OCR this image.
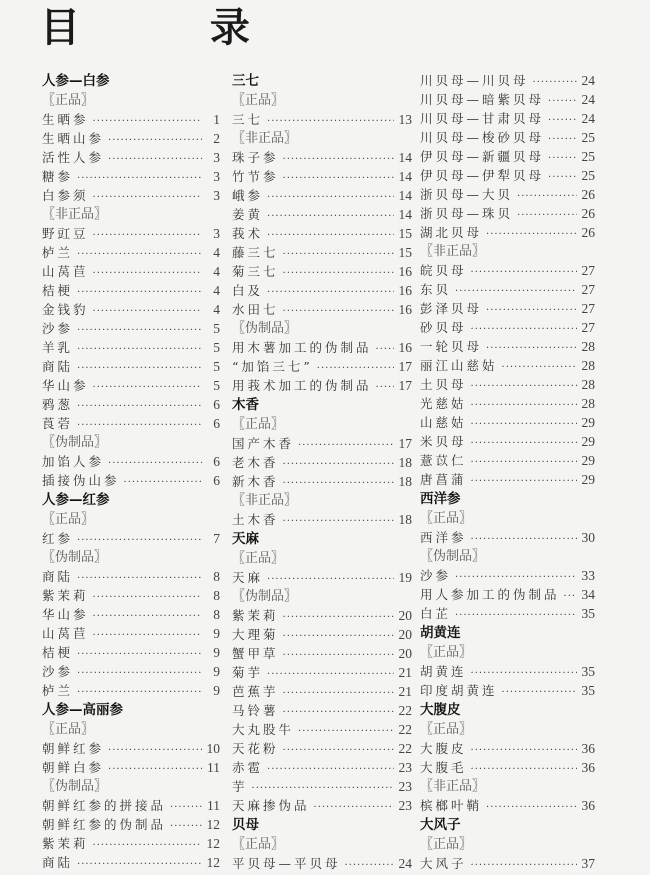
目 录
人参—白参
〖正品〗
生晒参 ·····	1
生晒山参 ·····	2
活性人参 ·····	3
糖参 ·····	3
白参须 ·····	3
〖非正品〗
野豇豆 ·····	3
栌兰 ·····	4
山莴苣 ·····	4
桔梗 ·····	4
金钱豹 ·····	4
沙参 ·····	5
羊乳 ·····	5
商陆 ·····	5
华山参 ·····	5
鸦葱 ·····	6
莨菪 ·····	6
〖伪制品〗
加馅人参 ·····	6
插接伪山参 ·····	6
人参—红参
〖正品〗
红参 ·····	7
〖伪制品〗
商陆 ·····	8
紫茉莉 ·····	8
华山参 ·····	8
山莴苣 ·····	9
桔梗 ·····	9
沙参 ·····	9
栌兰 ·····	9
人参—高丽参
〖正品〗
朝鲜红参 ·····	10
朝鲜白参 ·····	11
〖伪制品〗
朝鲜红参的拼接品 ·····	11
朝鲜红参的伪制品 ·····	12
紫茉莉 ·····	12
商陆 ·····	12
三七
〖正品〗
三七 ·····	13
〖非正品〗
珠子参 ·····	14
竹节参 ·····	14
峨参 ·····	14
姜黄 ·····	14
莪术 ·····	15
藤三七 ·····	15
菊三七 ·····	16
白及 ·····	16
水田七 ·····	16
〖伪制品〗
用木薯加工的伪制品 ····· 16
“加馅三七” ·····	17
用莪术加工的伪制品 ····· 17
木香
〖正品〗
国产木香 ·····	17
老木香 ·····	18
新木香 ·····	18
〖非正品〗
土木香 ·····	18
天麻
〖正品〗
天麻 ·····	19
〖伪制品〗
紫茉莉 ·····	20
大理菊 ·····	20
蟹甲草 ·····	20
菊芋 ·····	21
芭蕉芋 ·····	21
马铃薯 ·····	22
大丸股牛 ·····	22
天花粉 ·····	22
赤雹 ·····	23
芋 ·····	23
天麻掺伪品 ·····	23
贝母
〖正品〗
平贝母—平贝母 ·····	24
川贝母—川贝母 ·····	24
川贝母—暗紫贝母 ·····	24
川贝母—甘肃贝母 ·····	24
川贝母—梭砂贝母 ·····	25
伊贝母—新疆贝母 ·····	25
伊贝母—伊犁贝母 ·····	25
浙贝母—大贝 ·····	26
浙贝母—珠贝 ·····	26
湖北贝母 ·····	26
〖非正品〗
皖贝母 ·····	27
东贝 ·····	27
彭泽贝母 ·····	27
砂贝母 ·····	27
一轮贝母 ·····	28
丽江山慈姑 ·····	28
土贝母 ·····	28
光慈姑 ·····	28
山慈姑 ·····	29
米贝母 ·····	29
薏苡仁 ·····	29
唐菖蒲 ·····	29
西洋参
〖正品〗
西洋参 ·····	30
〖伪制品〗
沙参 ·····	33
用人参加工的伪制品 ····· 34
白芷 ·····	35
胡黄连
〖正品〗
胡黄连 ·····	35
印度胡黄连 ·····	35
大腹皮
〖正品〗
大腹皮 ·····	36
大腹毛 ·····	36
〖非正品〗
槟榔叶鞘 ·····	36
大风子
〖正品〗
大风子 ·····	37
